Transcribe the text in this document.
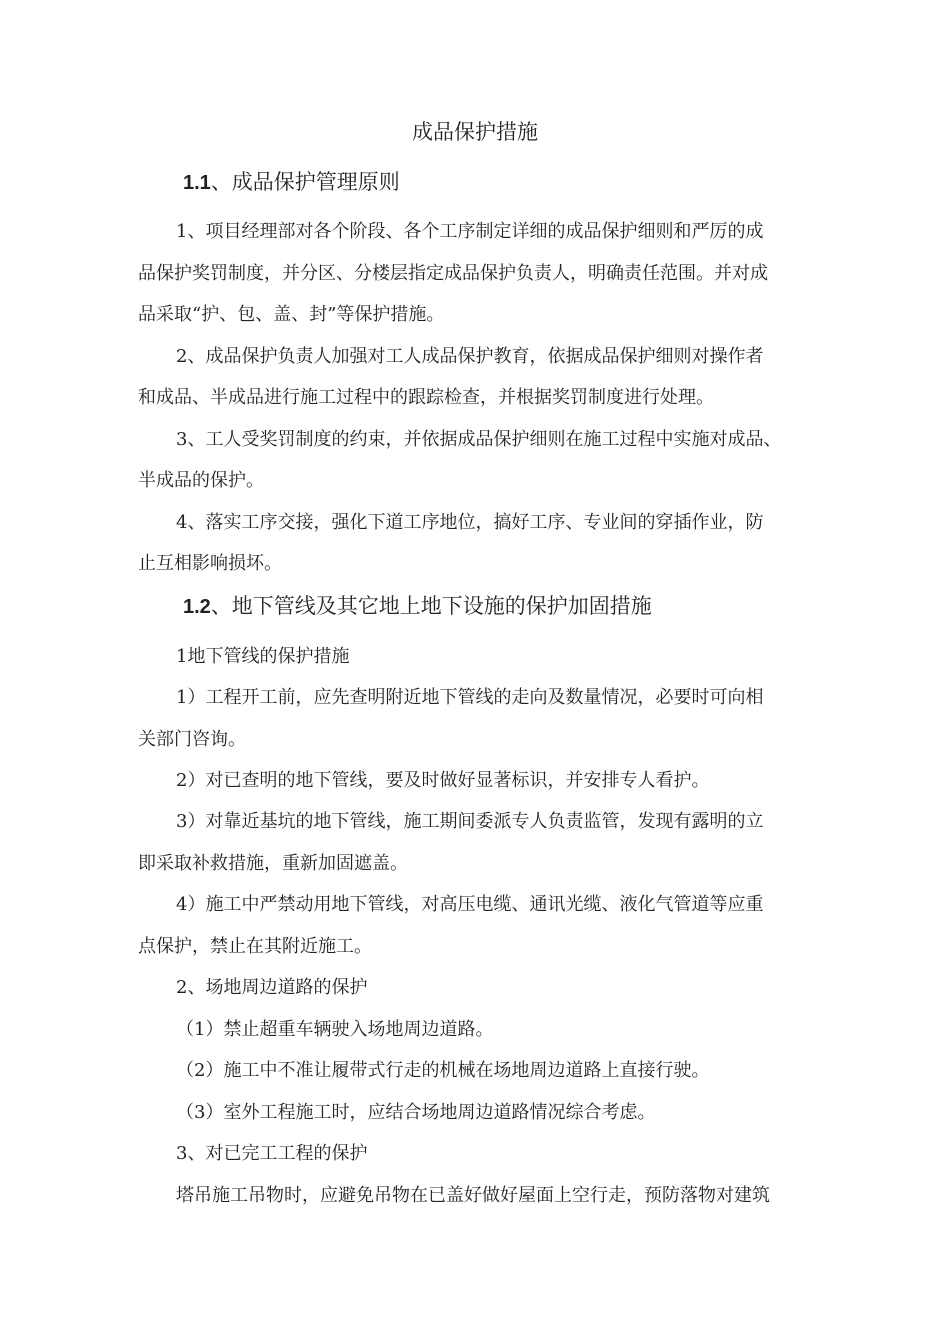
成品保护措施
1.1、成品保护管理原则
1、项目经理部对各个阶段、各个工序制定详细的成品保护细则和严厉的成
品保护奖罚制度，并分区、分楼层指定成品保护负责人，明确责任范围。并对成
品采取“护、包、盖、封”等保护措施。
2、成品保护负责人加强对工人成品保护教育，依据成品保护细则对操作者
和成品、半成品进行施工过程中的跟踪检查，并根据奖罚制度进行处理。
3、工人受奖罚制度的约束，并依据成品保护细则在施工过程中实施对成品、
半成品的保护。
4、落实工序交接，强化下道工序地位，搞好工序、专业间的穿插作业，防
止互相影响损坏。
1.2、地下管线及其它地上地下设施的保护加固措施
1地下管线的保护措施
1）工程开工前，应先查明附近地下管线的走向及数量情况，必要时可向相
关部门咨询。
2）对已查明的地下管线，要及时做好显著标识，并安排专人看护。
3）对靠近基坑的地下管线，施工期间委派专人负责监管，发现有露明的立
即采取补救措施，重新加固遮盖。
4）施工中严禁动用地下管线，对高压电缆、通讯光缆、液化气管道等应重
点保护，禁止在其附近施工。
2、场地周边道路的保护
（1）禁止超重车辆驶入场地周边道路。
（2）施工中不准让履带式行走的机械在场地周边道路上直接行驶。
（3）室外工程施工时，应结合场地周边道路情况综合考虑。
3、对已完工工程的保护
塔吊施工吊物时，应避免吊物在已盖好做好屋面上空行走，预防落物对建筑
